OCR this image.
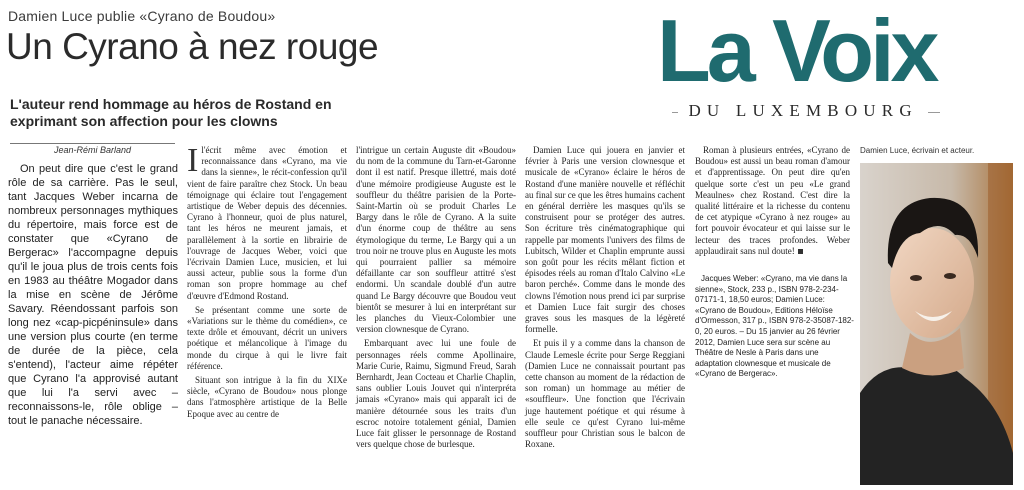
Damien Luce publie «Cyrano de Boudou»
Un Cyrano à nez rouge
L'auteur rend hommage au héros de Rostand en exprimant son affection pour les clowns
Jean-Rémi Barland

On peut dire que c'est le grand rôle de sa carrière. Pas le seul, tant Jacques Weber incarna de nombreux personnages mythiques du répertoire, mais force est de constater que «Cyrano de Bergerac» l'accompagne depuis qu'il le joua plus de trois cents fois en 1983 au théâtre Mogador dans la mise en scène de Jérôme Savary. Réendossant parfois son long nez «cap-picpéninsule» dans une version plus courte (en terme de durée de la pièce, cela s'entend), l'acteur aime répéter que Cyrano l'a approvisé autant que lui l'a servi avec – reconnaissons-le, rôle oblige – tout le panache nécessaire.

Il'écrit même avec émotion et reconnaissance dans «Cyrano, ma vie dans la sienne», le récit-confession qu'il vient de faire paraître chez Stock. Un beau témoignage qui éclaire tout l'engagement artistique de Weber depuis des décennies. Cyrano à l'honneur, quoi de plus naturel, tant les héros ne meurent jamais, et parallèlement à la sortie en librairie de l'ouvrage de Jacques Weber, voici que l'écrivain Damien Luce, musicien, et lui aussi acteur, publie sous la forme d'un roman son propre hommage au chef d'œuvre d'Edmond Rostand.

Se présentant comme une sorte de «Variations sur le thème du comédien», ce texte drôle et émouvant, décrit un univers poétique et mélancolique à l'image du monde du cirque à qui le livre fait référence.

Situant son intrigue à la fin du XIXe siècle, «Cyrano de Boudou» nous plonge dans l'atmosphère artistique de la Belle Epoque avec au centre de

l'intrigue un certain Auguste dit «Boudou» du nom de la commune du Tarn-et-Garonne dont il est natif. Presque illettré, mais doté d'une mémoire prodigieuse Auguste est le souffleur du théâtre parisien de la Porte-Saint-Martin où se produit Charles Le Bargy dans le rôle de Cyrano. A la suite d'un énorme coup de théâtre au sens étymologique du terme, Le Bargy qui a un trou noir ne trouve plus en Auguste les mots qui pourraient pallier sa mémoire défaillante car son souffleur attitré s'est endormi. Un scandale doublé d'un autre quand Le Bargy découvre que Boudou veut bientôt se mesurer à lui en interprétant sur les planches du Vieux-Colombier une version clownesque de Cyrano.

Embarquant avec lui une foule de personnages réels comme Apollinaire, Marie Curie, Raimu, Sigmund Freud, Sarah Bernhardt, Jean Cocteau et Charlie Chaplin, sans oublier Louis Jouvet qui n'interpréta jamais «Cyrano» mais qui apparaît ici de manière détournée sous les traits d'un escroc notoire totalement génial, Damien Luce fait glisser le personnage de Rostand vers quelque chose de burlesque.

Damien Luce qui jouera en janvier et février à Paris une version clownesque et musicale de «Cyrano» éclaire le héros de Rostand d'une manière nouvelle et réfléchit au final sur ce que les êtres humains cachent en général derrière les masques qu'ils se construisent pour se protéger des autres. Son écriture très cinématographique qui rappelle par moments l'univers des films de Lubitsch, Wilder et Chaplin emprunte aussi son goût pour les récits mêlant fiction et épisodes réels au roman d'Italo Calvino «Le baron perché». Comme dans le monde des clowns l'émotion nous prend ici par surprise et Damien Luce fait surgir des choses graves sous les masques de la légèreté formelle.

Et puis il y a comme dans la chanson de Claude Lemesle écrite pour Serge Reggiani (Damien Luce ne connaissait pourtant pas cette chanson au moment de la rédaction de son roman) un hommage au métier de «souffleur». Une fonction que l'écrivain juge hautement poétique et qui résume à elle seule ce qu'est Cyrano lui-même souffleur pour Christian sous le balcon de Roxane.

La Voix
DU LUXEMBOURG

Roman à plusieurs entrées, «Cyrano de Boudou» est aussi un beau roman d'amour et d'apprentissage. On peut dire qu'en quelque sorte c'est un peu «Le grand Meaulnes» chez Rostand. C'est dire la qualité littéraire et la richesse du contenu de cet atypique «Cyrano à nez rouge» au fort pouvoir évocateur et qui laisse sur le lecteur des traces profondes. Weber applaudirait sans nul doute!

Jacques Weber: «Cyrano, ma vie dans la sienne», Stock, 233 p., ISBN 978-2-234-07171-1, 18,50 euros; Damien Luce: «Cyrano de Boudou», Editions Héloïse d'Ormesson, 317 p., ISBN 978-2-35087-182-0, 20 euros. – Du 15 janvier au 26 février 2012, Damien Luce sera sur scène au Théâtre de Nesle à Paris dans une adaptation clownesque et musicale de «Cyrano de Bergerac».

Damien Luce, écrivain et acteur.
